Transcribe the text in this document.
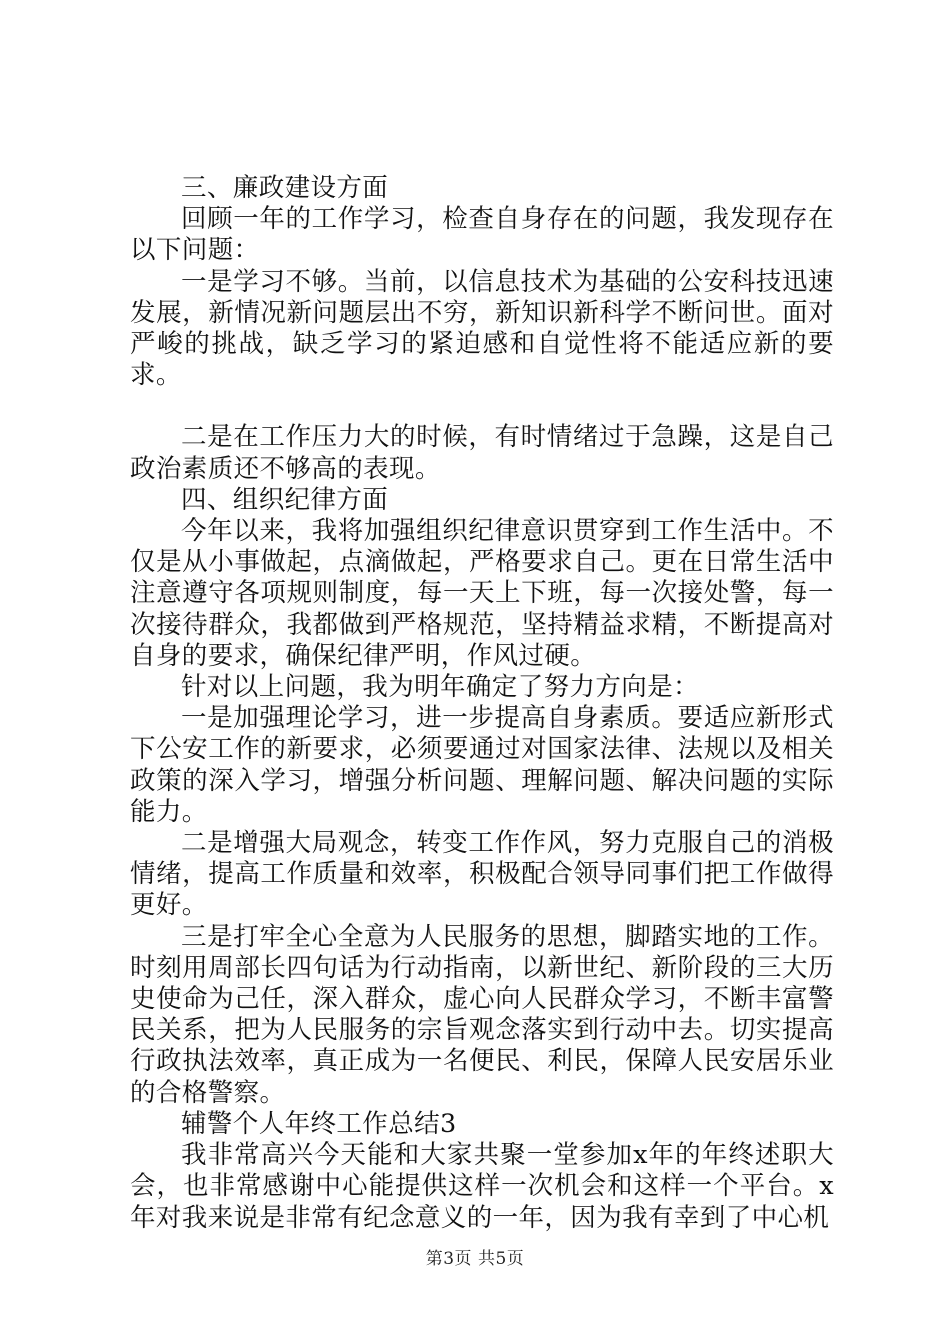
三、廉政建设方面

回顾一年的工作学习，检查自身存在的问题，我发现存在以下问题：

一是学习不够。当前，以信息技术为基础的公安科技迅速发展，新情况新问题层出不穷，新知识新科学不断问世。面对严峻的挑战，缺乏学习的紧迫感和自觉性将不能适应新的要求。

二是在工作压力大的时候，有时情绪过于急躁，这是自己政治素质还不够高的表现。

四、组织纪律方面

今年以来，我将加强组织纪律意识贯穿到工作生活中。不仅是从小事做起，点滴做起，严格要求自己。更在日常生活中注意遵守各项规则制度，每一天上下班，每一次接处警，每一次接待群众，我都做到严格规范，坚持精益求精，不断提高对自身的要求，确保纪律严明，作风过硬。

针对以上问题，我为明年确定了努力方向是：

一是加强理论学习，进一步提高自身素质。要适应新形式下公安工作的新要求，必须要通过对国家法律、法规以及相关政策的深入学习，增强分析问题、理解问题、解决问题的实际能力。

二是增强大局观念，转变工作作风，努力克服自己的消极情绪，提高工作质量和效率，积极配合领导同事们把工作做得更好。

三是打牢全心全意为人民服务的思想，脚踏实地的工作。时刻用周部长四句话为行动指南，以新世纪、新阶段的三大历史使命为己任，深入群众，虚心向人民群众学习，不断丰富警民关系，把为人民服务的宗旨观念落实到行动中去。切实提高行政执法效率，真正成为一名便民、利民，保障人民安居乐业的合格警察。

辅警个人年终工作总结3

我非常高兴今天能和大家共聚一堂参加x年的年终述职大会，也非常感谢中心能提供这样一次机会和这样一个平台。x年对我来说是非常有纪念意义的一年，因为我有幸到了中心机

第3页 共5页
